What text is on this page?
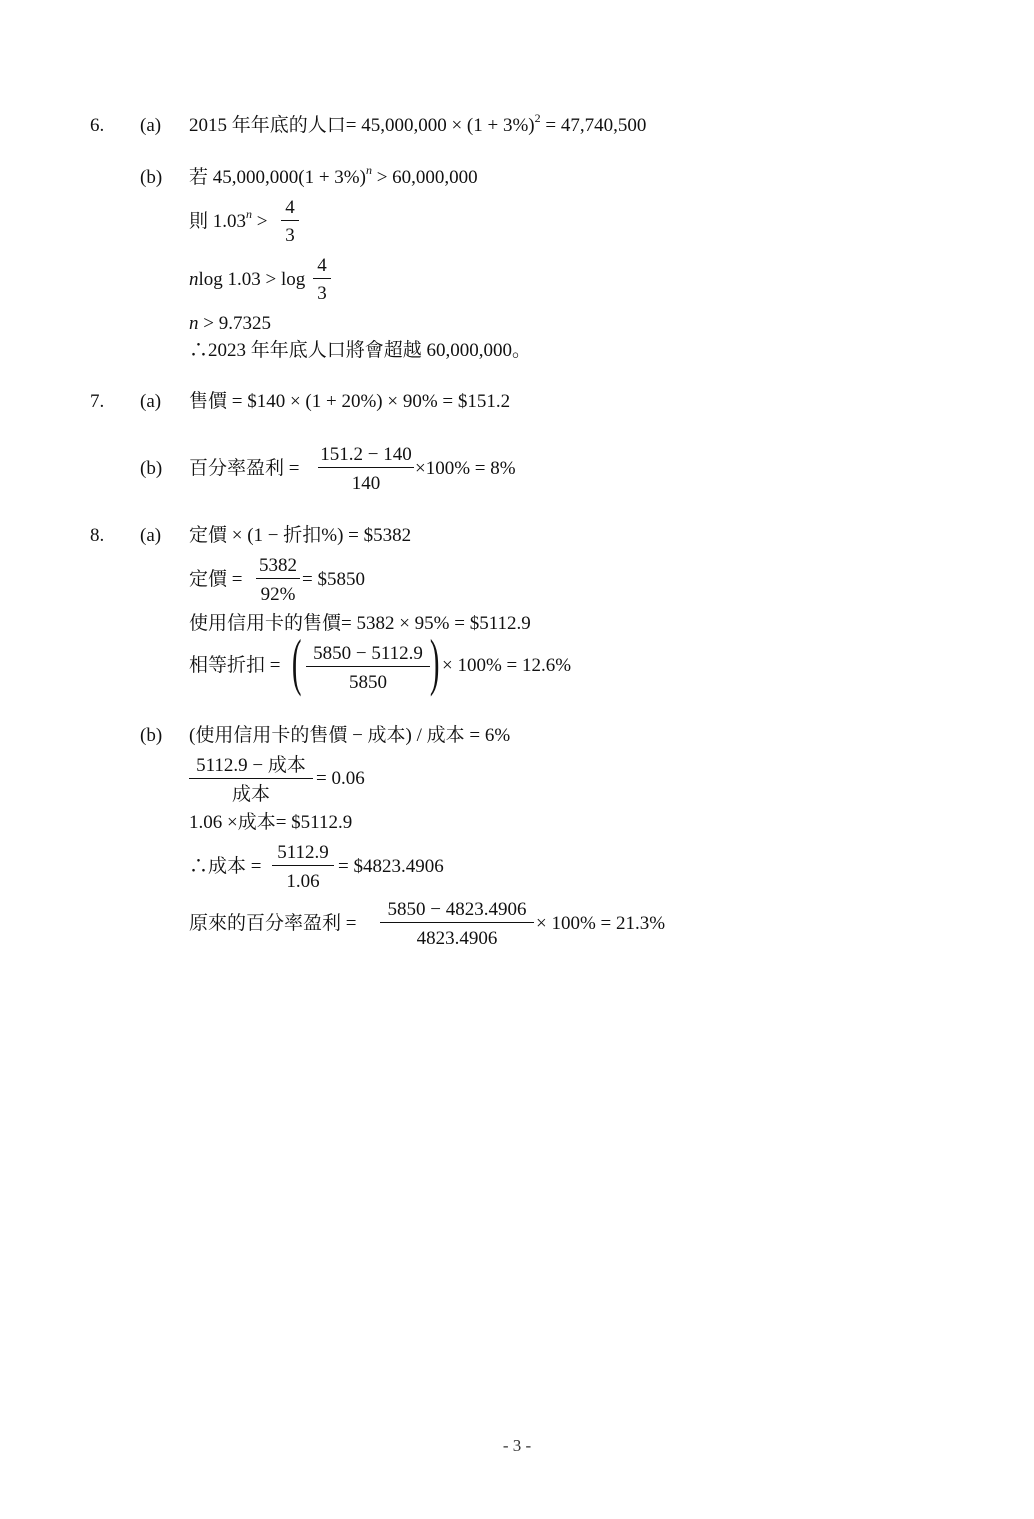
6. (a) 2015 年年底的人口= $45,000,000 \times (1 + 3\%)^2 = 47,740,500$
(b) 若 $45,000,000(1 + 3\%)^n > 60,000,000$
則 $1.03^n$ >
4
3
nlog 1.03 > log
4
3
n > 9.7325
∴2023 年年底人口將會超越 60,000,000。
7. (a) 售價 = $140 × (1 + 20%) × 90% = $151.2
(b) 百分率盈利 =
151.2 − 140
140
×100% = 8%
8. (a) 定價 × (1 − 折扣%) = $5382
定價 =
5382
92%
= $5850
使用信用卡的售價= 5382 × 95% = $5112.9
相等折扣 = ( 5850 − 5112.9
5850 ) × 100% = 12.6%
(b) (使用信用卡的售價 − 成本) / 成本 = 6%
5112.9 − 成本
成本
= 0.06
1.06 ×成本= $5112.9
∴成本 =
5112.9
1.06
= $4823.4906
原來的百分率盈利 =
5850 − 4823.4906
4823.4906
× 100% = 21.3%
- 3 -
